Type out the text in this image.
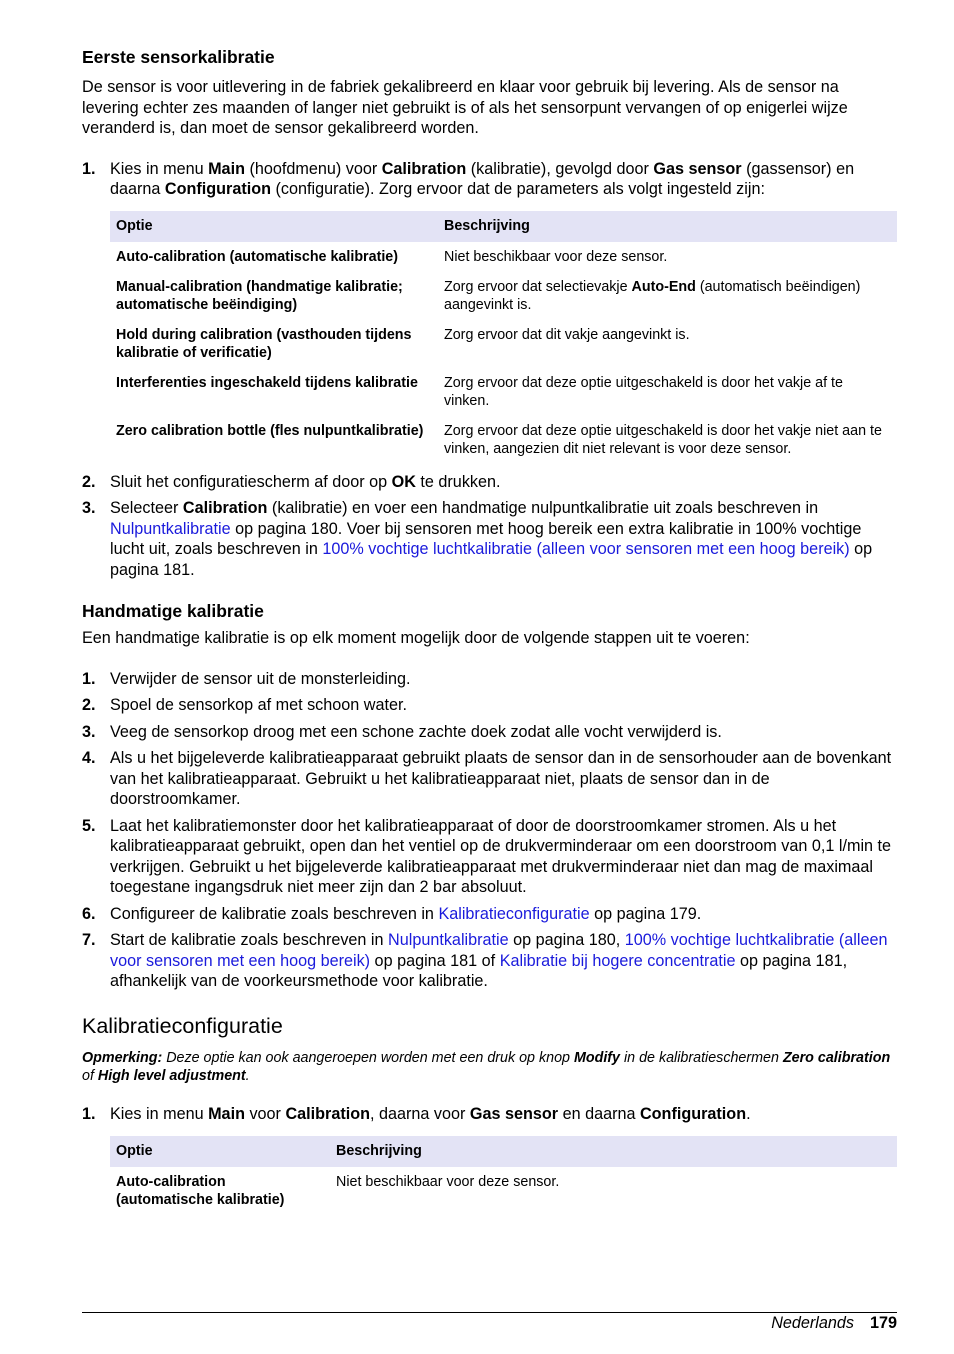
Eerste sensorkalibratie

De sensor is voor uitlevering in de fabriek gekalibreerd en klaar voor gebruik bij levering. Als de sensor na levering echter zes maanden of langer niet gebruikt is of als het sensorpunt vervangen of op enigerlei wijze veranderd is, dan moet de sensor gekalibreerd worden.

1. Kies in menu Main (hoofdmenu) voor Calibration (kalibratie), gevolgd door Gas sensor (gassensor) en daarna Configuration (configuratie). Zorg ervoor dat de parameters als volgt ingesteld zijn:
Optie	Beschrijving
Auto-calibration (automatische kalibratie)	Niet beschikbaar voor deze sensor.
Manual-calibration (handmatige kalibratie; automatische beëindiging)	Zorg ervoor dat selectievakje Auto-End (automatisch beëindigen) aangevinkt is.
Hold during calibration (vasthouden tijdens kalibratie of verificatie)	Zorg ervoor dat dit vakje aangevinkt is.
Interferenties ingeschakeld tijdens kalibratie	Zorg ervoor dat deze optie uitgeschakeld is door het vakje af te vinken.
Zero calibration bottle (fles nulpuntkalibratie)	Zorg ervoor dat deze optie uitgeschakeld is door het vakje niet aan te vinken, aangezien dit niet relevant is voor deze sensor.
2. Sluit het configuratiescherm af door op OK te drukken.
3. Selecteer Calibration (kalibratie) en voer een handmatige nulpuntkalibratie uit zoals beschreven in Nulpuntkalibratie op pagina 180. Voer bij sensoren met hoog bereik een extra kalibratie in 100% vochtige lucht uit, zoals beschreven in 100% vochtige luchtkalibratie (alleen voor sensoren met een hoog bereik) op pagina 181.
Handmatige kalibratie

Een handmatige kalibratie is op elk moment mogelijk door de volgende stappen uit te voeren:

1. Verwijder de sensor uit de monsterleiding.
2. Spoel de sensorkop af met schoon water.
3. Veeg de sensorkop droog met een schone zachte doek zodat alle vocht verwijderd is.
4. Als u het bijgeleverde kalibratieapparaat gebruikt plaats de sensor dan in de sensorhouder aan de bovenkant van het kalibratieapparaat. Gebruikt u het kalibratieapparaat niet, plaats de sensor dan in de doorstroomkamer.
5. Laat het kalibratiemonster door het kalibratieapparaat of door de doorstroomkamer stromen. Als u het kalibratieapparaat gebruikt, open dan het ventiel op de drukverminderaar om een doorstroom van 0,1 l/min te verkrijgen. Gebruikt u het bijgeleverde kalibratieapparaat met drukverminderaar niet dan mag de maximaal toegestane ingangsdruk niet meer zijn dan 2 bar absoluut.
6. Configureer de kalibratie zoals beschreven in Kalibratieconfiguratie op pagina 179.
7. Start de kalibratie zoals beschreven in Nulpuntkalibratie op pagina 180, 100% vochtige luchtkalibratie (alleen voor sensoren met een hoog bereik) op pagina 181 of Kalibratie bij hogere concentratie op pagina 181, afhankelijk van de voorkeursmethode voor kalibratie.
Kalibratieconfiguratie

Opmerking: Deze optie kan ook aangeroepen worden met een druk op knop Modify in de kalibratieschermen Zero calibration of High level adjustment.

1. Kies in menu Main voor Calibration, daarna voor Gas sensor en daarna Configuration.
Optie	Beschrijving
Auto-calibration (automatische kalibratie)	Niet beschikbaar voor deze sensor.
Nederlands 179
